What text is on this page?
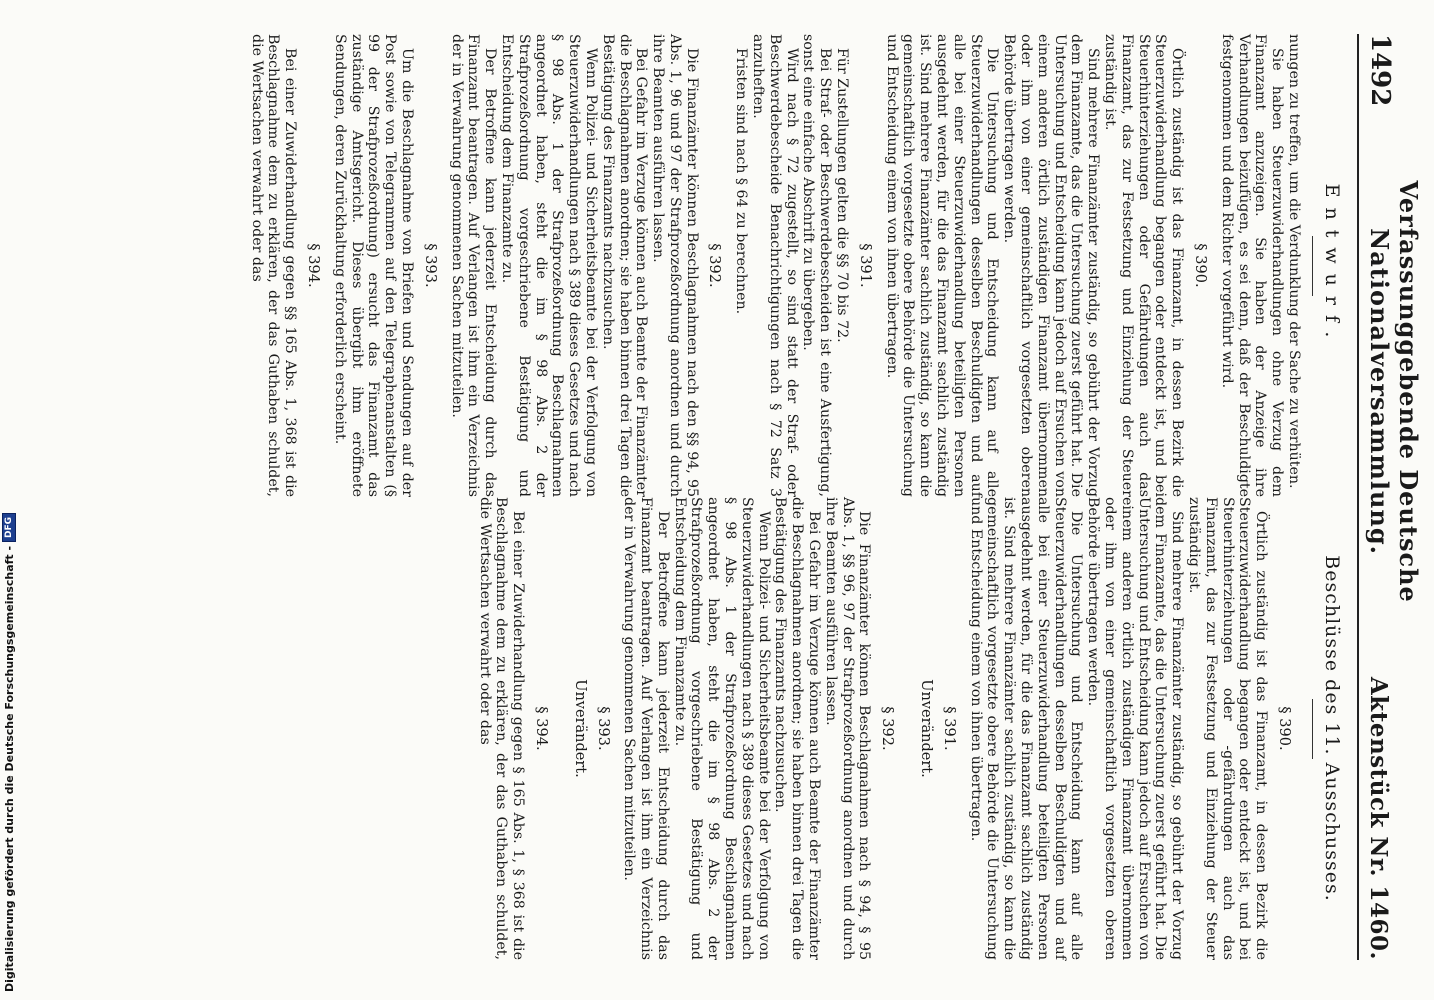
1492
Verfassunggebende Deutsche Nationalversammlung.
Aktenstück Nr. 1460.
Entwurf.
Beschlüsse des 11. Ausschusses.

nungen zu treffen, um die Verdunklung der Sache zu verhüten.

Sie haben Steuerzuwiderhandlungen ohne Verzug dem Finanzamt anzuzeigen. Sie haben der Anzeige ihre Verhandlungen beizufügen, es sei denn, daß der Beschuldigte festgenommen und dem Richter vorgeführt wird.

§ 390.

Örtlich zuständig ist das Finanzamt, in dessen Bezirk die Steuerzuwiderhandlung begangen oder entdeckt ist, und bei Steuerhinterziehungen oder Gefährdungen auch das Finanzamt, das zur Festsetzung und Einziehung der Steuer zuständig ist.

Sind mehrere Finanzämter zuständig, so gebührt der Vorzug dem Finanzamte, das die Untersuchung zuerst geführt hat. Die Untersuchung und Entscheidung kann jedoch auf Ersuchen von einem anderen örtlich zuständigen Finanzamt übernommen oder ihm von einer gemeinschaftlich vorgesetzten oberen Behörde übertragen werden.

Die Untersuchung und Entscheidung kann auf alle Steuerzuwiderhandlungen desselben Beschuldigten und auf alle bei einer Steuerzuwiderhandlung beteiligten Personen ausgedehnt werden, für die das Finanzamt sachlich zuständig ist. Sind mehrere Finanzämter sachlich zuständig, so kann die gemeinschaftlich vorgesetzte obere Behörde die Untersuchung und Entscheidung einem von ihnen übertragen.

§ 391.

Für Zustellungen gelten die §§ 70 bis 72.

Bei Straf- oder Beschwerdebescheiden ist eine Ausfertigung, sonst eine einfache Abschrift zu übergeben.

Wird nach § 72 zugestellt, so sind statt der Straf- oder Beschwerdebescheide Benachrichtigungen nach § 72 Satz 3 anzuheften.

Fristen sind nach § 64 zu berechnen.

§ 392.

Die Finanzämter können Beschlagnahmen nach den §§ 94, 95 Abs. 1, 96 und 97 der Strafprozeßordnung anordnen und durch ihre Beamten ausführen lassen.

Bei Gefahr im Verzuge können auch Beamte der Finanzämter die Beschlagnahmen anordnen; sie haben binnen drei Tagen die Bestätigung des Finanzamts nachzusuchen.

Wenn Polizei- und Sicherheitsbeamte bei der Verfolgung von Steuerzuwiderhandlungen nach § 389 dieses Gesetzes und nach § 98 Abs. 1 der Strafprozeßordnung Beschlagnahmen angeordnet haben, steht die im § 98 Abs. 2 der Strafprozeßordnung vorgeschriebene Bestätigung und Entscheidung dem Finanzamte zu.

Der Betroffene kann jederzeit Entscheidung durch das Finanzamt beantragen. Auf Verlangen ist ihm ein Verzeichnis der in Verwahrung genommenen Sachen mitzuteilen.

§ 393.

Um die Beschlagnahme von Briefen und Sendungen auf der Post sowie von Telegrammen auf den Telegraphenanstalten (§ 99 der Strafprozeßordnung) ersucht das Finanzamt das zuständige Amtsgericht. Dieses übergibt ihm eröffnete Sendungen, deren Zurückhaltung erforderlich erscheint.

§ 394.

Bei einer Zuwiderhandlung gegen §§ 165 Abs. 1, 368 ist die Beschlagnahme dem zu erklären, der das Guthaben schuldet, die Wertsachen verwahrt oder das

§ 390.

Örtlich zuständig ist das Finanzamt, in dessen Bezirk die Steuerzuwiderhandlung begangen oder entdeckt ist, und bei Steuerhinterziehungen oder -gefährdungen auch das Finanzamt, das zur Festsetzung und Einziehung der Steuer zuständig ist.

Sind mehrere Finanzämter zuständig, so gebührt der Vorzug dem Finanzamte, das die Untersuchung zuerst geführt hat. Die Untersuchung und Entscheidung kann jedoch auf Ersuchen von einem anderen örtlich zuständigen Finanzamt übernommen oder ihm von einer gemeinschaftlich vorgesetzten oberen Behörde übertragen werden.

Die Untersuchung und Entscheidung kann auf alle Steuerzuwiderhandlungen desselben Beschuldigten und auf alle bei einer Steuerzuwiderhandlung beteiligten Personen ausgedehnt werden, für die das Finanzamt sachlich zuständig ist. Sind mehrere Finanzämter sachlich zuständig, so kann die gemeinschaftlich vorgesetzte obere Behörde die Untersuchung und Entscheidung einem von ihnen übertragen.

§ 391.
Unverändert.
§ 392.

Die Finanzämter können Beschlagnahmen nach § 94, § 95 Abs. 1, §§ 96, 97 der Strafprozeßordnung anordnen und durch ihre Beamten ausführen lassen.

Bei Gefahr im Verzuge können auch Beamte der Finanzämter die Beschlagnahmen anordnen; sie haben binnen drei Tagen die Bestätigung des Finanzamts nachzusuchen.

Wenn Polizei- und Sicherheitsbeamte bei der Verfolgung von Steuerzuwiderhandlungen nach § 389 dieses Gesetzes und nach § 98 Abs. 1 der Strafprozeßordnung Beschlagnahmen angeordnet haben, steht die im § 98 Abs. 2 der Strafprozeßordnung vorgeschriebene Bestätigung und Entscheidung dem Finanzamte zu.

Der Betroffene kann jederzeit Entscheidung durch das Finanzamt beantragen. Auf Verlangen ist ihm ein Verzeichnis der in Verwahrung genommenen Sachen mitzuteilen.

§ 393.
Unverändert.
§ 394.

Bei einer Zuwiderhandlung gegen § 165 Abs. 1, § 368 ist die Beschlagnahme dem zu erklären, der das Guthaben schuldet, die Wertsachen verwahrt oder das

Digitalisierung gefördert durch die Deutsche Forschungsgemeinschaft -
DFG
